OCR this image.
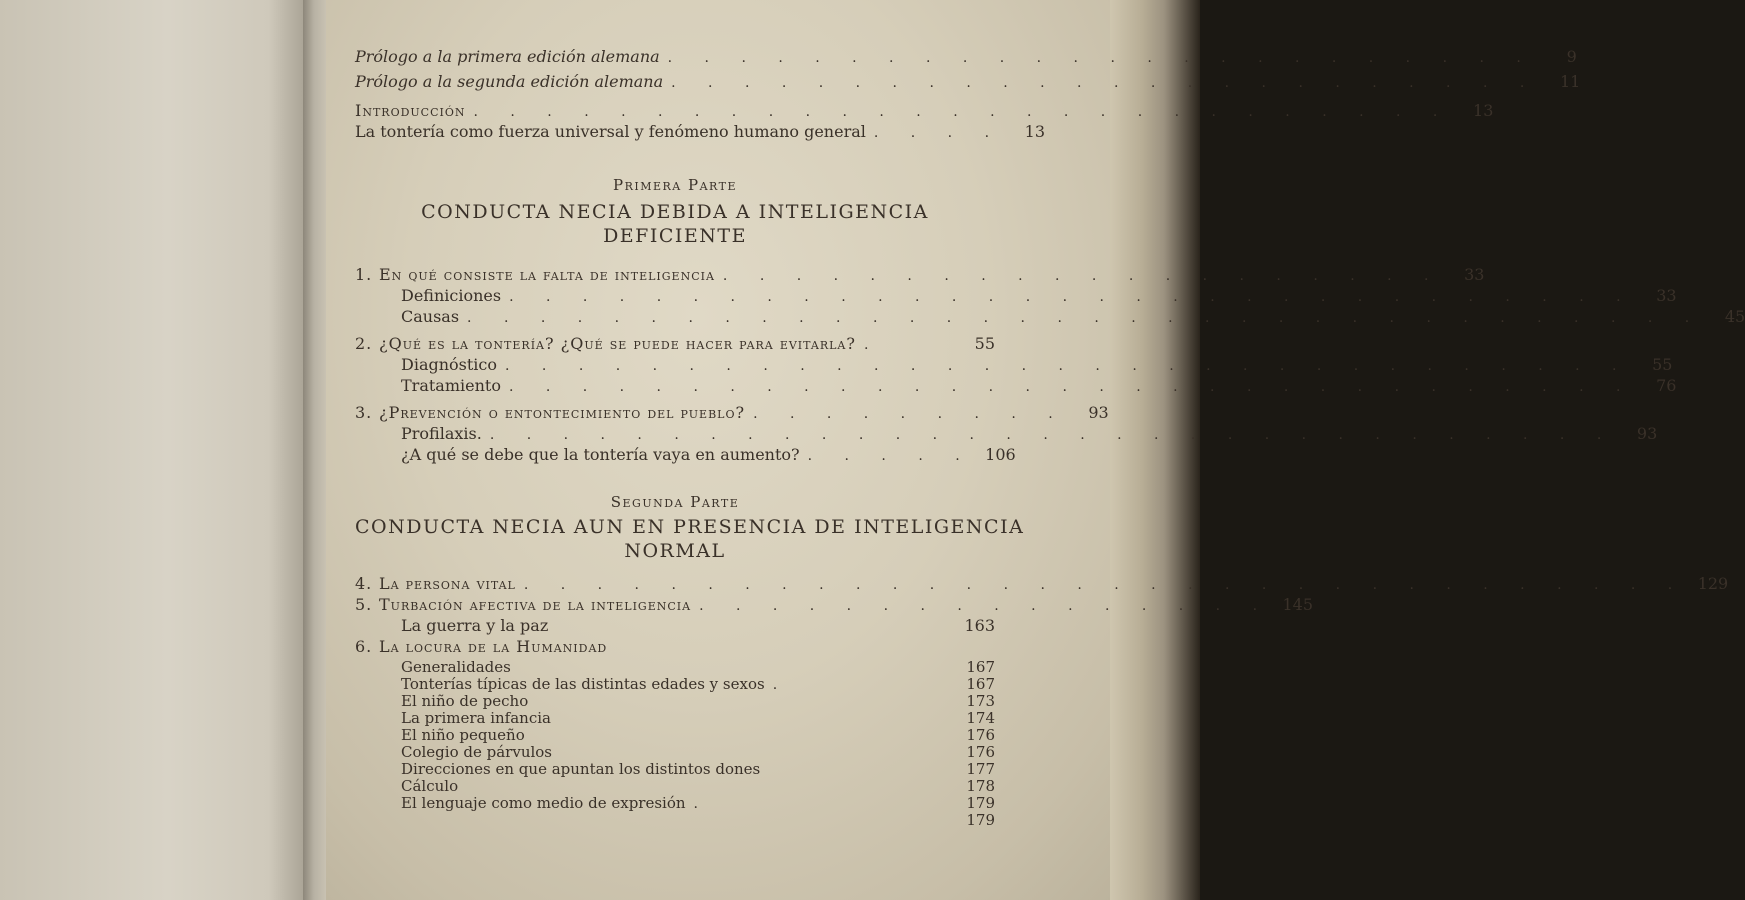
Prólogo a la primera edición alemana . . . . . . . . . . . . . . . . . . . . . . . .	9
Prólogo a la segunda edición alemana . . . . . . . . . . . . . . . . . . . . . . . .	11
Introducción . . . . . . . . . . . . . . . . . . . . . . . . . . .	13
La tontería como fuerza universal y fenómeno humano general . . . .	13
Primera Parte
CONDUCTA NECIA DEBIDA A INTELIGENCIA DEFICIENTE
1. En qué consiste la falta de inteligencia . . . . . . . . . . . . . . . . . . . .	33
Definiciones . . . . . . . . . . . . . . . . . . . . . . . . . . . . . . .	33
Causas . . . . . . . . . . . . . . . . . . . . . . . . . . . . . . . . . .	45
2. ¿Qué es la tontería? ¿Qué se puede hacer para evitarla? .	55
Diagnóstico . . . . . . . . . . . . . . . . . . . . . . . . . . . . . . .	55
Tratamiento . . . . . . . . . . . . . . . . . . . . . . . . . . . . . . .	76
3. ¿Prevención o entontecimiento del pueblo? . . . . . . . . .	93
Profilaxis. . . . . . . . . . . . . . . . . . . . . . . . . . . . . . . .	93
¿A qué se debe que la tontería vaya en aumento? . . . . . 106
Segunda Parte
CONDUCTA NECIA AUN EN PRESENCIA DE INTELIGENCIA
NORMAL
4. La persona vital . . . . . . . . . . . . . . . . . . . . . . . . . . . . . . . . 129
5. Turbación afectiva de la inteligencia . . . . . . . . . . . . . . . . 145
La guerra y la paz	163
6. La locura de la Humanidad
Generalidades	167
Tonterías típicas de las distintas edades y sexos .	167
El niño de pecho	173
La primera infancia	174
El niño pequeño	176
Colegio de párvulos	176
Direcciones en que apuntan los distintos dones	177
Cálculo	178
El lenguaje como medio de expresión .	179
179
